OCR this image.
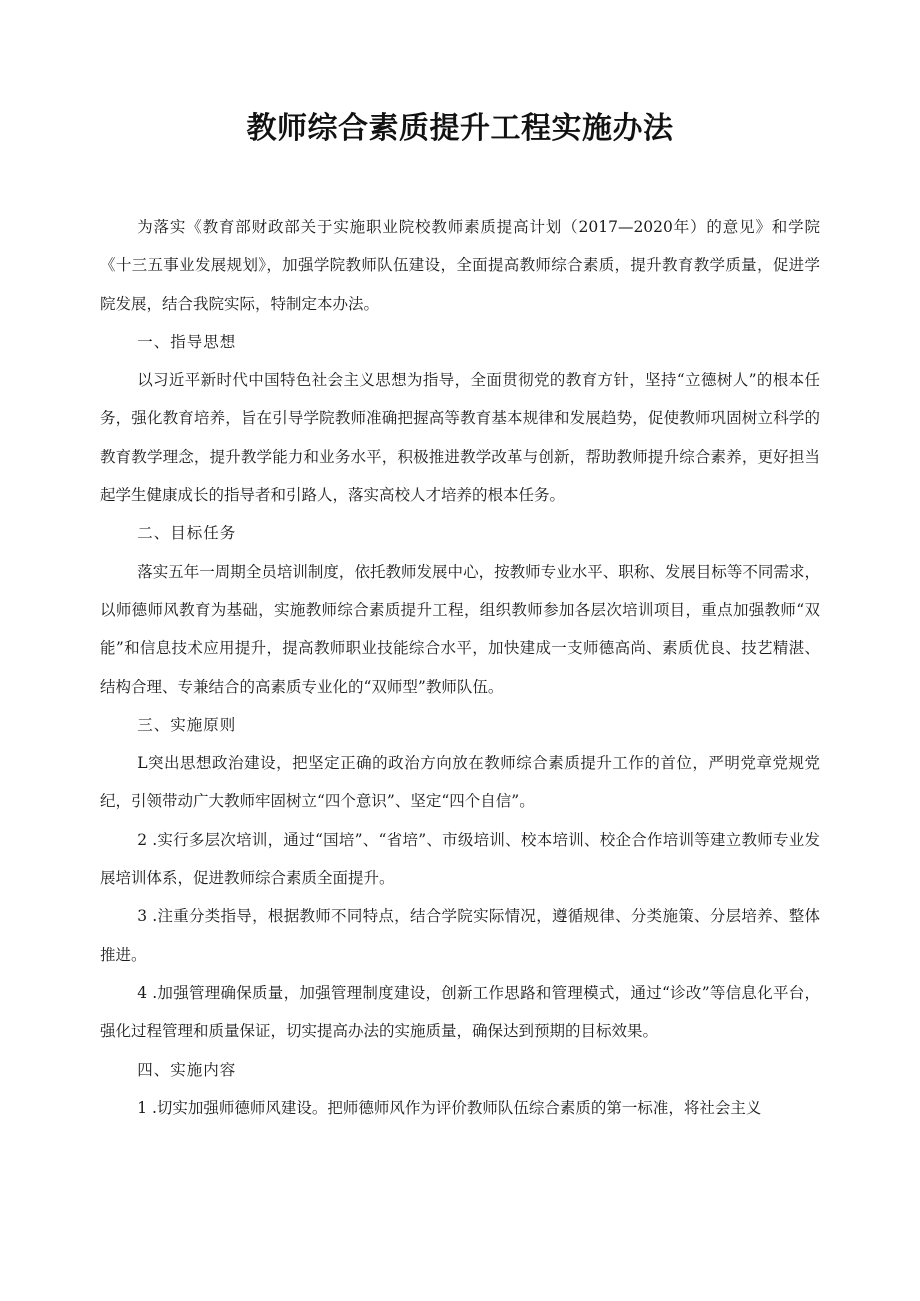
教师综合素质提升工程实施办法

为落实《教育部财政部关于实施职业院校教师素质提高计划（2017—2020年）的意见》和学院《十三五事业发展规划》，加强学院教师队伍建设，全面提高教师综合素质，提升教育教学质量，促进学院发展，结合我院实际，特制定本办法。

一、指导思想

以习近平新时代中国特色社会主义思想为指导，全面贯彻党的教育方针，坚持“立德树人”的根本任务，强化教育培养，旨在引导学院教师准确把握高等教育基本规律和发展趋势，促使教师巩固树立科学的教育教学理念，提升教学能力和业务水平，积极推进教学改革与创新，帮助教师提升综合素养，更好担当起学生健康成长的指导者和引路人，落实高校人才培养的根本任务。

二、目标任务

落实五年一周期全员培训制度，依托教师发展中心，按教师专业水平、职称、发展目标等不同需求，以师德师风教育为基础，实施教师综合素质提升工程，组织教师参加各层次培训项目，重点加强教师“双能”和信息技术应用提升，提高教师职业技能综合水平，加快建成一支师德高尚、素质优良、技艺精湛、结构合理、专兼结合的高素质专业化的“双师型”教师队伍。

三、实施原则

L突出思想政治建设，把坚定正确的政治方向放在教师综合素质提升工作的首位，严明党章党规党纪，引领带动广大教师牢固树立“四个意识”、坚定“四个自信”。

2 .实行多层次培训，通过“国培”、“省培”、市级培训、校本培训、校企合作培训等建立教师专业发展培训体系，促进教师综合素质全面提升。

3 .注重分类指导，根据教师不同特点，结合学院实际情况，遵循规律、分类施策、分层培养、整体推进。

4 .加强管理确保质量，加强管理制度建设，创新工作思路和管理模式，通过“诊改”等信息化平台，强化过程管理和质量保证，切实提高办法的实施质量，确保达到预期的目标效果。

四、实施内容

1 .切实加强师德师风建设。把师德师风作为评价教师队伍综合素质的第一标准，将社会主义
